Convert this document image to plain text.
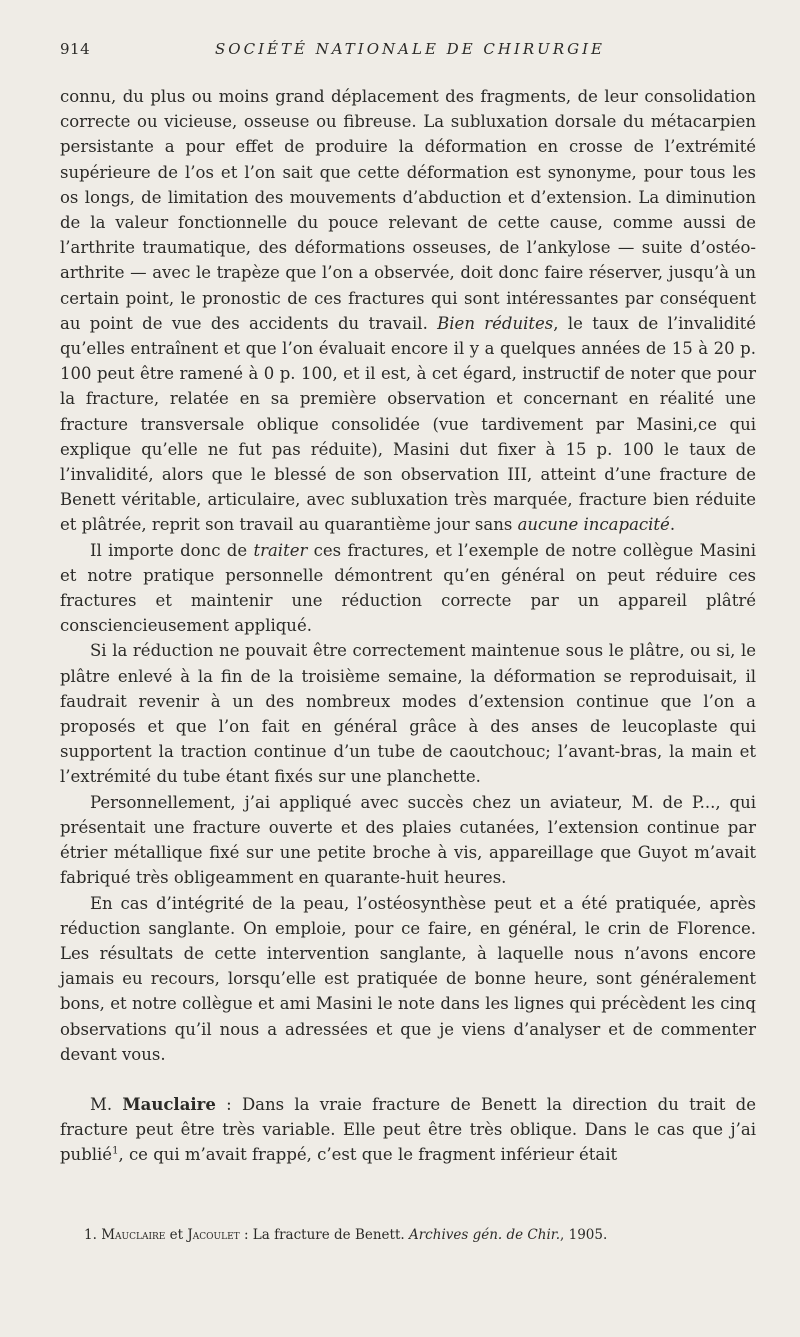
914	SOCIÉTÉ NATIONALE DE CHIRURGIE

connu, du plus ou moins grand déplacement des fragments, de leur consolidation correcte ou vicieuse, osseuse ou fibreuse. La subluxation dorsale du métacarpien persistante a pour effet de produire la déformation en crosse de l’extrémité supérieure de l’os et l’on sait que cette déformation est synonyme, pour tous les os longs, de limitation des mouvements d’abduction et d’extension. La diminution de la valeur fonctionnelle du pouce relevant de cette cause, comme aussi de l’arthrite traumatique, des déformations osseuses, de l’ankylose — suite d’ostéo-arthrite — avec le trapèze que l’on a observée, doit donc faire réserver, jusqu’à un certain point, le pronostic de ces fractures qui sont intéressantes par conséquent au point de vue des accidents du travail. Bien réduites, le taux de l’invalidité qu’elles entraînent et que l’on évaluait encore il y a quelques années de 15 à 20 p. 100 peut être ramené à 0 p. 100, et il est, à cet égard, instructif de noter que pour la fracture, relatée en sa première observation et concernant en réalité une fracture transversale oblique consolidée (vue tardivement par Masini,ce qui explique qu’elle ne fut pas réduite), Masini dut fixer à 15 p. 100 le taux de l’invalidité, alors que le blessé de son observation III, atteint d’une fracture de Benett véritable, articulaire, avec subluxation très marquée, fracture bien réduite et plâtrée, reprit son travail au quarantième jour sans aucune incapacité.

Il importe donc de traiter ces fractures, et l’exemple de notre collègue Masini et notre pratique personnelle démontrent qu’en général on peut réduire ces fractures et maintenir une réduction correcte par un appareil plâtré consciencieusement appliqué.

Si la réduction ne pouvait être correctement maintenue sous le plâtre, ou si, le plâtre enlevé à la fin de la troisième semaine, la déformation se reproduisait, il faudrait revenir à un des nombreux modes d’extension continue que l’on a proposés et que l’on fait en général grâce à des anses de leucoplaste qui supportent la traction continue d’un tube de caoutchouc; l’avant-bras, la main et l’extrémité du tube étant fixés sur une planchette.

Personnellement, j’ai appliqué avec succès chez un aviateur, M. de P..., qui présentait une fracture ouverte et des plaies cutanées, l’extension continue par étrier métallique fixé sur une petite broche à vis, appareillage que Guyot m’avait fabriqué très obligeamment en quarante-huit heures.

En cas d’intégrité de la peau, l’ostéosynthèse peut et a été pratiquée, après réduction sanglante. On emploie, pour ce faire, en général, le crin de Florence. Les résultats de cette intervention sanglante, à laquelle nous n’avons encore jamais eu recours, lorsqu’elle est pratiquée de bonne heure, sont généralement bons, et notre collègue et ami Masini le note dans les lignes qui précèdent les cinq observations qu’il nous a adressées et que je viens d’analyser et de commenter devant vous.

M. Mauclaire : Dans la vraie fracture de Benett la direction du trait de fracture peut être très variable. Elle peut être très oblique. Dans le cas que j’ai publié$^1$, ce qui m’avait frappé, c’est que le fragment inférieur était

1. Mauclaire et Jacoulet : La fracture de Benett. Archives gén. de Chir., 1905.
